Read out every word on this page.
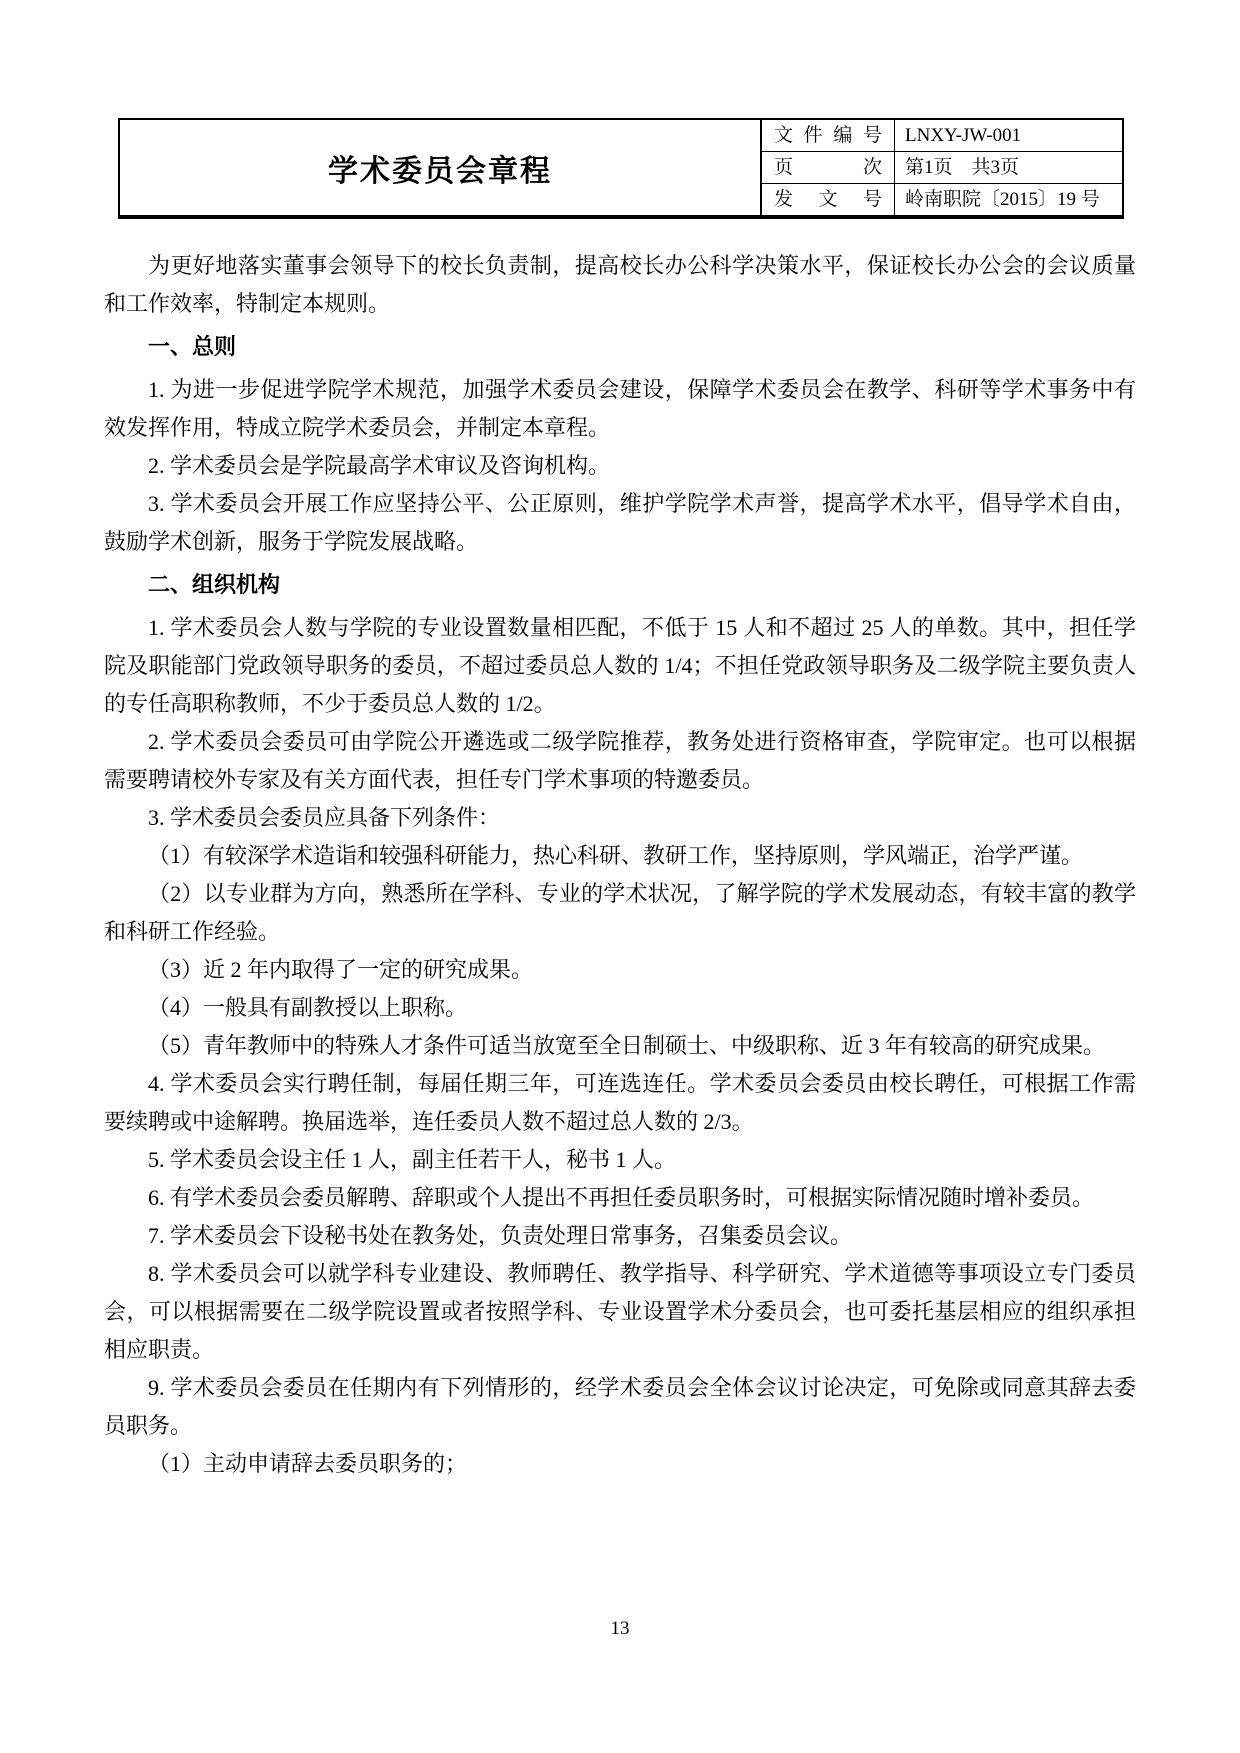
学术委员会章程
文件编号	LNXY-JW-001
页次	第1页　共3页
发文号	岭南职院〔2015〕19 号

为更好地落实董事会领导下的校长负责制，提高校长办公科学决策水平，保证校长办公会的会议质量和工作效率，特制定本规则。

一、总则

1. 为进一步促进学院学术规范，加强学术委员会建设，保障学术委员会在教学、科研等学术事务中有效发挥作用，特成立院学术委员会，并制定本章程。

2. 学术委员会是学院最高学术审议及咨询机构。

3. 学术委员会开展工作应坚持公平、公正原则，维护学院学术声誉，提高学术水平，倡导学术自由，鼓励学术创新，服务于学院发展战略。

二、组织机构

1. 学术委员会人数与学院的专业设置数量相匹配，不低于 15 人和不超过 25 人的单数。其中，担任学院及职能部门党政领导职务的委员，不超过委员总人数的 1/4；不担任党政领导职务及二级学院主要负责人的专任高职称教师，不少于委员总人数的 1/2。

2. 学术委员会委员可由学院公开遴选或二级学院推荐，教务处进行资格审查，学院审定。也可以根据需要聘请校外专家及有关方面代表，担任专门学术事项的特邀委员。

3. 学术委员会委员应具备下列条件：

（1）有较深学术造诣和较强科研能力，热心科研、教研工作，坚持原则，学风端正，治学严谨。

（2）以专业群为方向，熟悉所在学科、专业的学术状况，了解学院的学术发展动态，有较丰富的教学和科研工作经验。

（3）近 2 年内取得了一定的研究成果。

（4）一般具有副教授以上职称。

（5）青年教师中的特殊人才条件可适当放宽至全日制硕士、中级职称、近 3 年有较高的研究成果。

4. 学术委员会实行聘任制，每届任期三年，可连选连任。学术委员会委员由校长聘任，可根据工作需要续聘或中途解聘。换届选举，连任委员人数不超过总人数的 2/3。

5. 学术委员会设主任 1 人，副主任若干人，秘书 1 人。

6. 有学术委员会委员解聘、辞职或个人提出不再担任委员职务时，可根据实际情况随时增补委员。

7. 学术委员会下设秘书处在教务处，负责处理日常事务，召集委员会议。

8. 学术委员会可以就学科专业建设、教师聘任、教学指导、科学研究、学术道德等事项设立专门委员会，可以根据需要在二级学院设置或者按照学科、专业设置学术分委员会，也可委托基层相应的组织承担相应职责。

9. 学术委员会委员在任期内有下列情形的，经学术委员会全体会议讨论决定，可免除或同意其辞去委员职务。

（1）主动申请辞去委员职务的；

13
